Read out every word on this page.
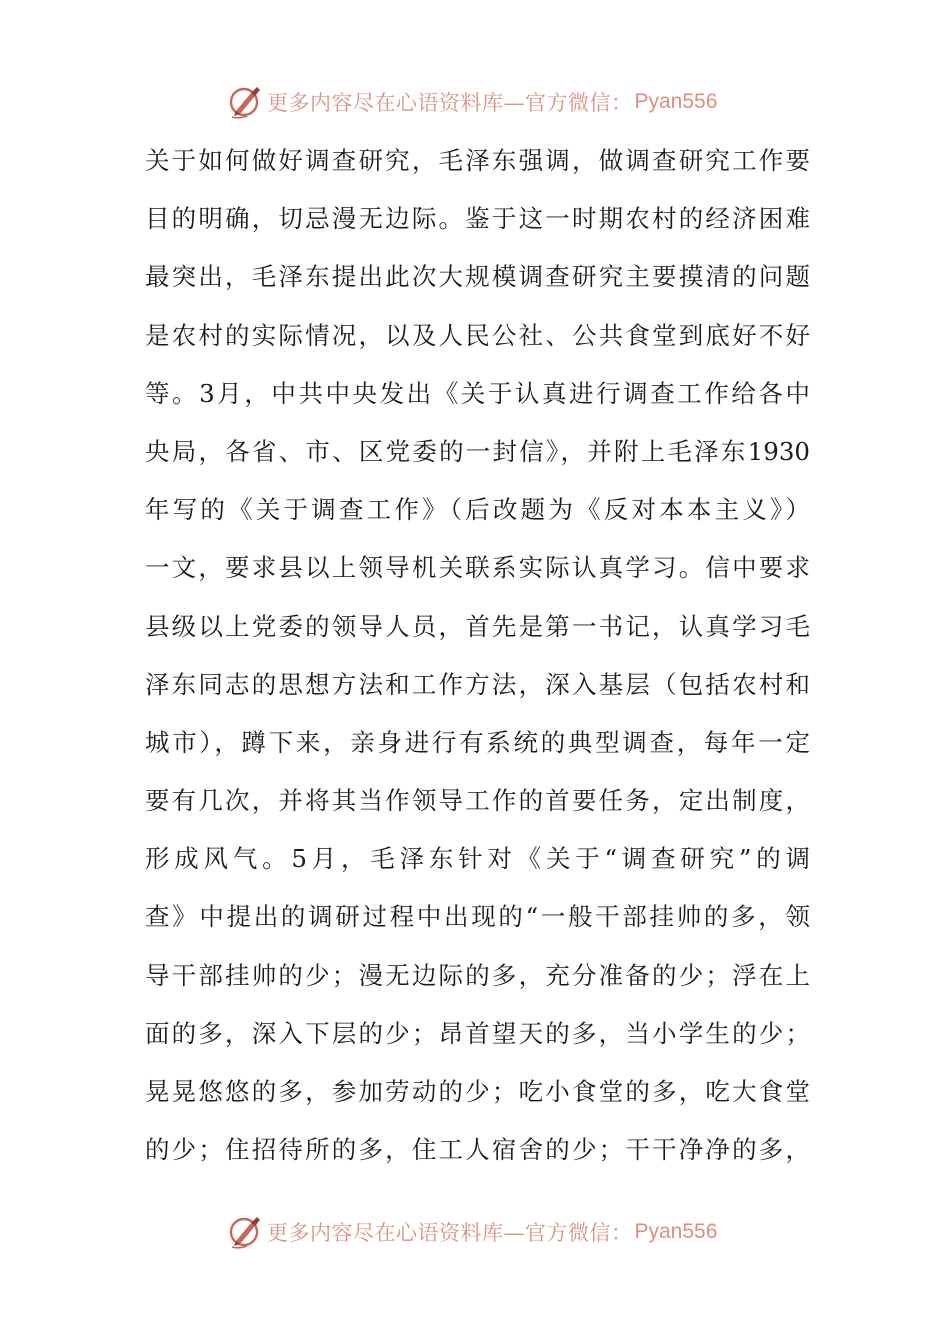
更多内容尽在心语资料库—官方微信： Pyan556
关于如何做好调查研究，毛泽东强调，做调查研究工作要
目的明确，切忌漫无边际。鉴于这一时期农村的经济困难
最突出，毛泽东提出此次大规模调查研究主要摸清的问题
是农村的实际情况，以及人民公社、公共食堂到底好不好
等。3月，中共中央发出《关于认真进行调查工作给各中
央局，各省、市、区党委的一封信》，并附上毛泽东1930
年写的《关于调查工作》（后改题为《反对本本主义》）
一文，要求县以上领导机关联系实际认真学习。信中要求
县级以上党委的领导人员，首先是第一书记，认真学习毛
泽东同志的思想方法和工作方法，深入基层（包括农村和
城市），蹲下来，亲身进行有系统的典型调查，每年一定
要有几次，并将其当作领导工作的首要任务，定出制度，
形成风气。5月，毛泽东针对《关于“调查研究”的调
查》中提出的调研过程中出现的“一般干部挂帅的多，领
导干部挂帅的少；漫无边际的多，充分准备的少；浮在上
面的多，深入下层的少；昂首望天的多，当小学生的少；
晃晃悠悠的多，参加劳动的少；吃小食堂的多，吃大食堂
的少；住招待所的多，住工人宿舍的少；干干净净的多，
更多内容尽在心语资料库—官方微信： Pyan556
